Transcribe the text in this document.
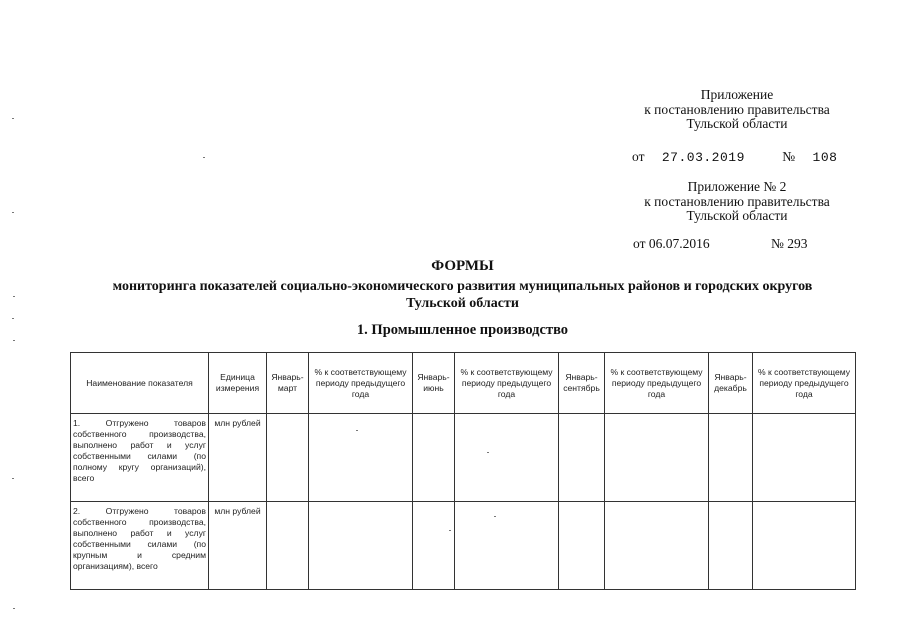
Приложение
к постановлению правительства
Тульской области
от 27.03.2019	№ 108
Приложение № 2
к постановлению правительства
Тульской области
от 06.07.2016	№ 293
ФОРМЫ
мониторинга показателей социально-экономического развития муниципальных районов и городских округов
Тульской области
1. Промышленное производство
Наименование показателя	Единица измерения	Январь-март	% к соответствующему периоду предыдущего года	Январь-июнь	% к соответствующему периоду предыдущего года	Январь-сентябрь	% к соответствующему периоду предыдущего года	Январь-декабрь	% к соответствующему периоду предыдущего года
1. Отгружено товаров собственного производства, выполнено работ и услуг собственными силами (по полному кругу организаций), всего	млн рублей								
2. Отгружено товаров собственного производства, выполнено работ и услуг собственными силами (по крупным и средним организациям), всего	млн рублей								
